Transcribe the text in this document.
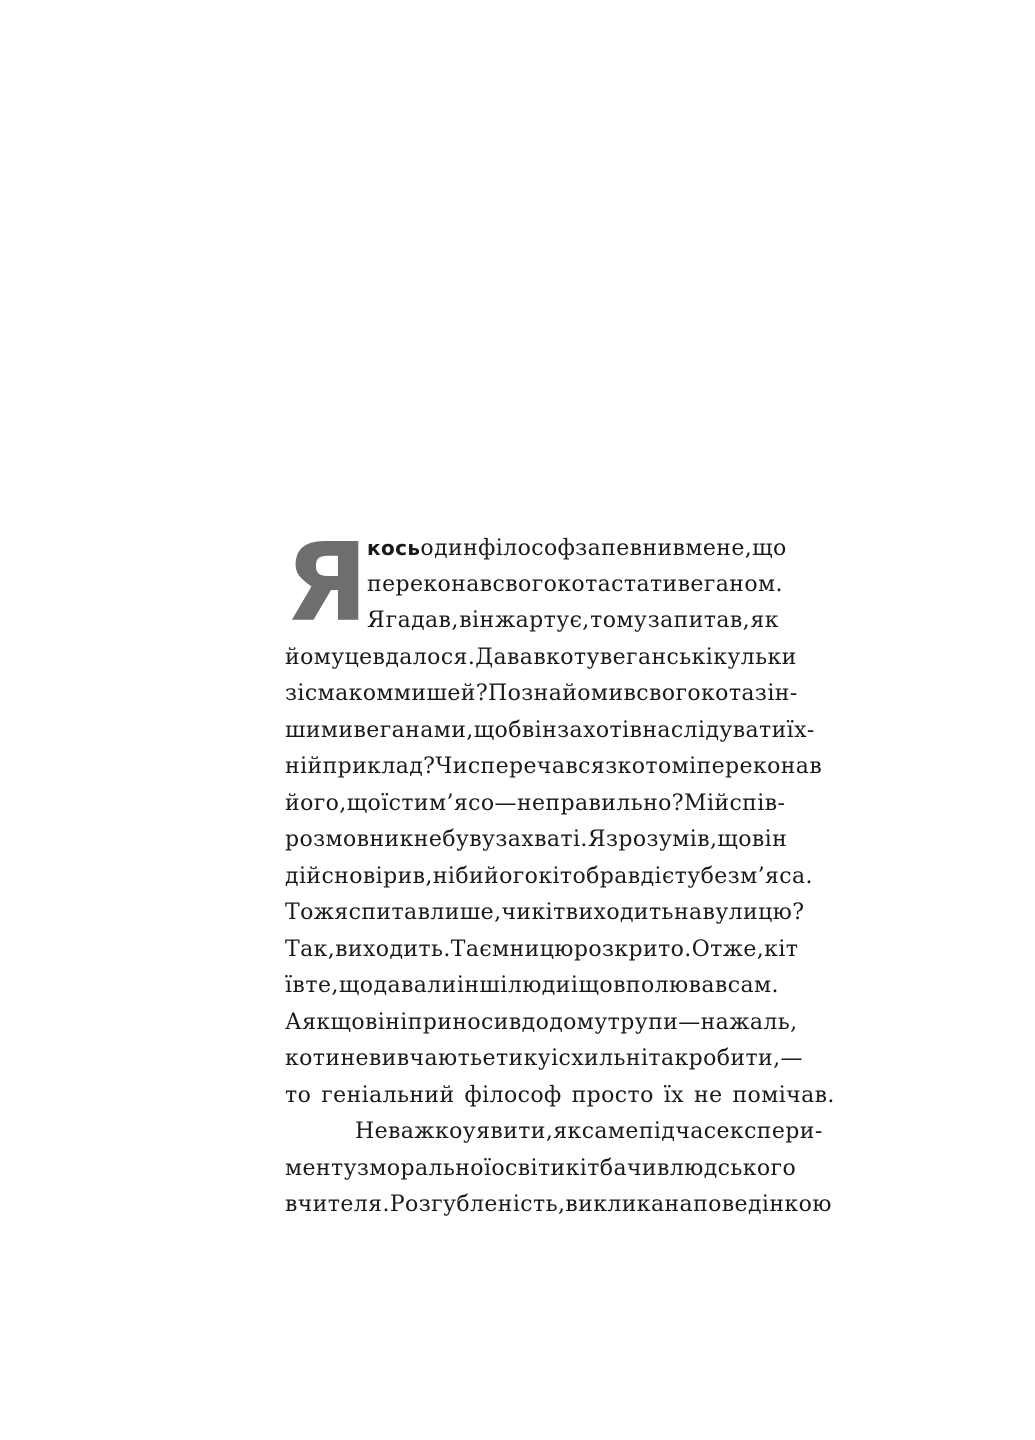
Я
кось один філософ запевнив мене, що
переконав свого кота стати веганом.
Я гадав, він жартує, тому запитав, як
йому це вдалося. Давав коту веганські кульки
зі смаком мишей? Познайомив свого кота з ін-
шими веганами, щоб він захотів наслідувати їх-
ній приклад? Чи сперечався з котом і переконав
його, що їсти м’ясо — неправильно? Мій спів-
розмовник не був у захваті. Я зрозумів, що він
дійсно вірив, ніби його кіт обрав дієту без м’яса.
Тож я спитав лише, чи кіт виходить на вулицю?
Так, виходить. Таємницю розкрито. Отже, кіт
їв те, що давали інші люди і що вполював сам.
А якщо він і приносив додому трупи — на жаль,
коти не вивчають етику і схильні так робити, —
то геніальний філософ просто їх не помічав.
Неважко уявити, як саме під час експери-
менту з моральної освіти кіт бачив людського
вчителя. Розгубленість, викликана поведінкою
